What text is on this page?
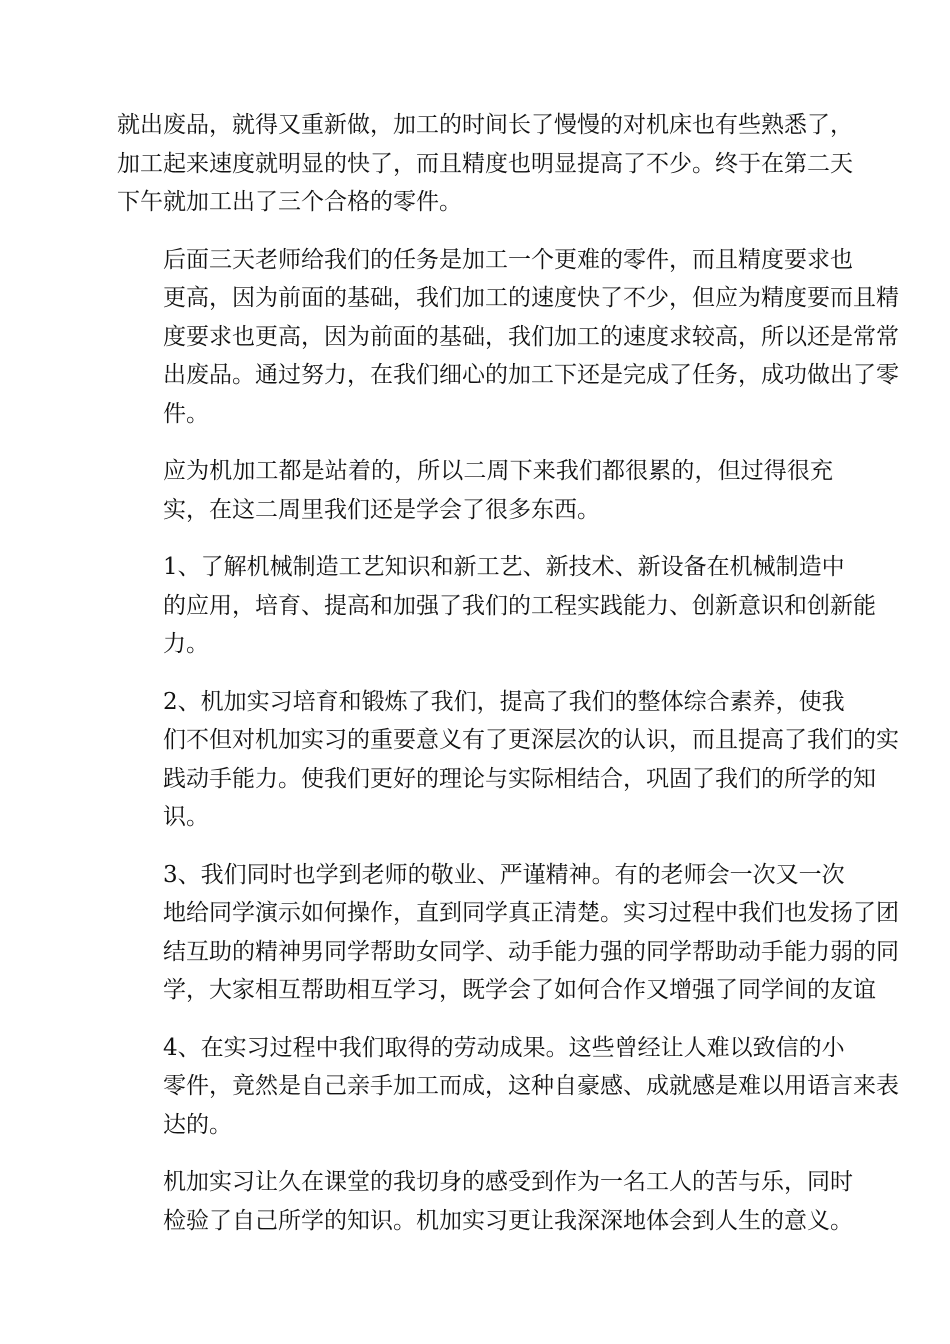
就出废品，就得又重新做，加工的时间长了慢慢的对机床也有些熟悉了，
加工起来速度就明显的快了，而且精度也明显提高了不少。终于在第二天
下午就加工出了三个合格的零件。
后面三天老师给我们的任务是加工一个更难的零件，而且精度要求也
更高，因为前面的基础，我们加工的速度快了不少，但应为精度要而且精
度要求也更高，因为前面的基础，我们加工的速度求较高，所以还是常常
出废品。通过努力，在我们细心的加工下还是完成了任务，成功做出了零
件。
应为机加工都是站着的，所以二周下来我们都很累的，但过得很充
实，在这二周里我们还是学会了很多东西。
1、了解机械制造工艺知识和新工艺、新技术、新设备在机械制造中
的应用，培育、提高和加强了我们的工程实践能力、创新意识和创新能
力。
2、机加实习培育和锻炼了我们，提高了我们的整体综合素养，使我
们不但对机加实习的重要意义有了更深层次的认识，而且提高了我们的实
践动手能力。使我们更好的理论与实际相结合，巩固了我们的所学的知
识。
3、我们同时也学到老师的敬业、严谨精神。有的老师会一次又一次
地给同学演示如何操作，直到同学真正清楚。实习过程中我们也发扬了团
结互助的精神男同学帮助女同学、动手能力强的同学帮助动手能力弱的同
学，大家相互帮助相互学习，既学会了如何合作又增强了同学间的友谊
4、在实习过程中我们取得的劳动成果。这些曾经让人难以致信的小
零件，竟然是自己亲手加工而成，这种自豪感、成就感是难以用语言来表
达的。
机加实习让久在课堂的我切身的感受到作为一名工人的苦与乐，同时
检验了自己所学的知识。机加实习更让我深深地体会到人生的意义。
